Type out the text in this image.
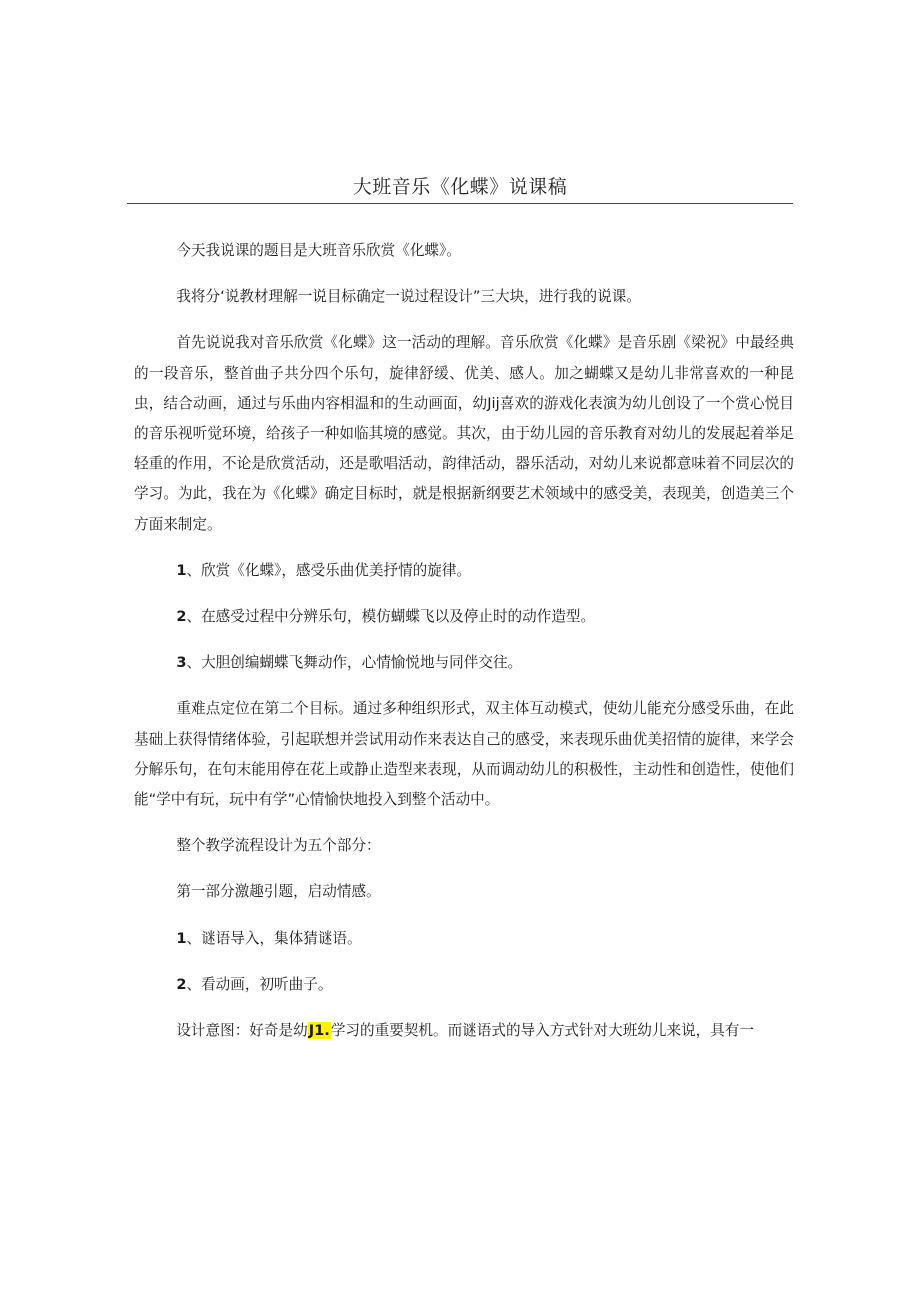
大班音乐《化蝶》说课稿

今天我说课的题目是大班音乐欣赏《化蝶》。

我将分‘说教材理解一说目标确定一说过程设计”三大块，进行我的说课。

首先说说我对音乐欣赏《化蝶》这一活动的理解。音乐欣赏《化蝶》是音乐剧《梁祝》中最经典的一段音乐，整首曲子共分四个乐句，旋律舒缓、优美、感人。加之蝴蝶又是幼儿非常喜欢的一种昆虫，结合动画，通过与乐曲内容相温和的生动画面，幼Jij喜欢的游戏化表演为幼儿创设了一个赏心悦目的音乐视听觉环境，给孩子一种如临其境的感觉。其次，由于幼儿园的音乐教育对幼儿的发展起着举足轻重的作用，不论是欣赏活动，还是歌唱活动，韵律活动，器乐活动，对幼儿来说都意味着不同层次的学习。为此，我在为《化蝶》确定目标时，就是根据新纲要艺术领域中的感受美，表现美，创造美三个方面来制定。

1、欣赏《化蝶》，感受乐曲优美抒情的旋律。

2、在感受过程中分辨乐句，模仿蝴蝶飞以及停止时的动作造型。

3、大胆创编蝴蝶飞舞动作，心情愉悦地与同伴交往。

重难点定位在第二个目标。通过多种组织形式，双主体互动模式，使幼儿能充分感受乐曲，在此基础上获得情绪体验，引起联想并尝试用动作来表达自己的感受，来表现乐曲优美招情的旋律，来学会分解乐句，在句末能用停在花上或静止造型来表现，从而调动幼儿的积极性，主动性和创造性，使他们能“学中有玩，玩中有学”心情愉快地投入到整个活动中。

整个教学流程设计为五个部分：

第一部分激趣引题，启动情感。

1、谜语导入，集体猜谜语。

2、看动画，初听曲子。

设计意图：好奇是幼J1.学习的重要契机。而谜语式的导入方式针对大班幼儿来说，具有一
